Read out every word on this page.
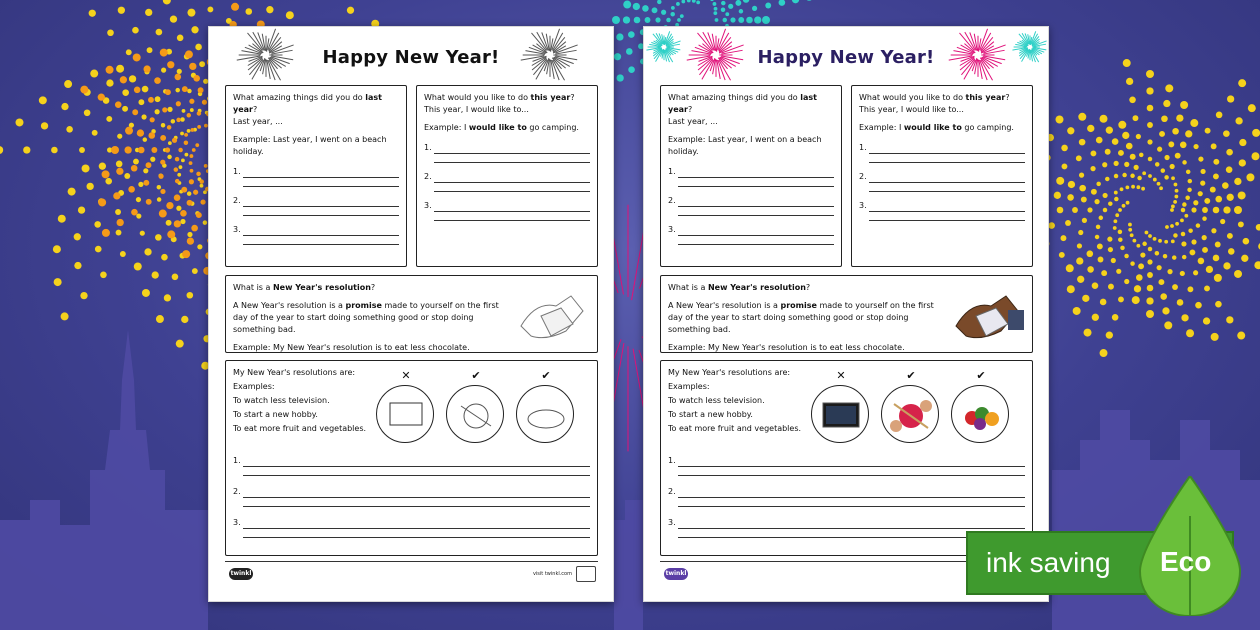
Happy New Year!

What amazing things did you do last year?
Last year, ...

Example: Last year, I went on a beach holiday.

1.
2.
3.

What would you like to do this year?
This year, I would like to...

Example: I would like to go camping.

1.
2.
3.

What is a New Year's resolution?

A New Year's resolution is a promise made to yourself on the first day of the year to start doing something good or stop doing something bad.

Example: My New Year's resolution is to eat less chocolate.

My New Year's resolutions are:

Examples:

To watch less television.

To start a new hobby.

To eat more fruit and vegetables.

✕	✔	✔
1.
2.
3.
twinkl	visit twinkl.com
Happy New Year!

What amazing things did you do last year?
Last year, ...

Example: Last year, I went on a beach holiday.

1.
2.
3.

What would you like to do this year?
This year, I would like to...

Example: I would like to go camping.

1.
2.
3.

What is a New Year's resolution?

A New Year's resolution is a promise made to yourself on the first day of the year to start doing something good or stop doing something bad.

Example: My New Year's resolution is to eat less chocolate.

My New Year's resolutions are:

Examples:

To watch less television.

To start a new hobby.

To eat more fruit and vegetables.

✕	✔	✔
1.
2.
3.
twinkl	ink saving Eco
